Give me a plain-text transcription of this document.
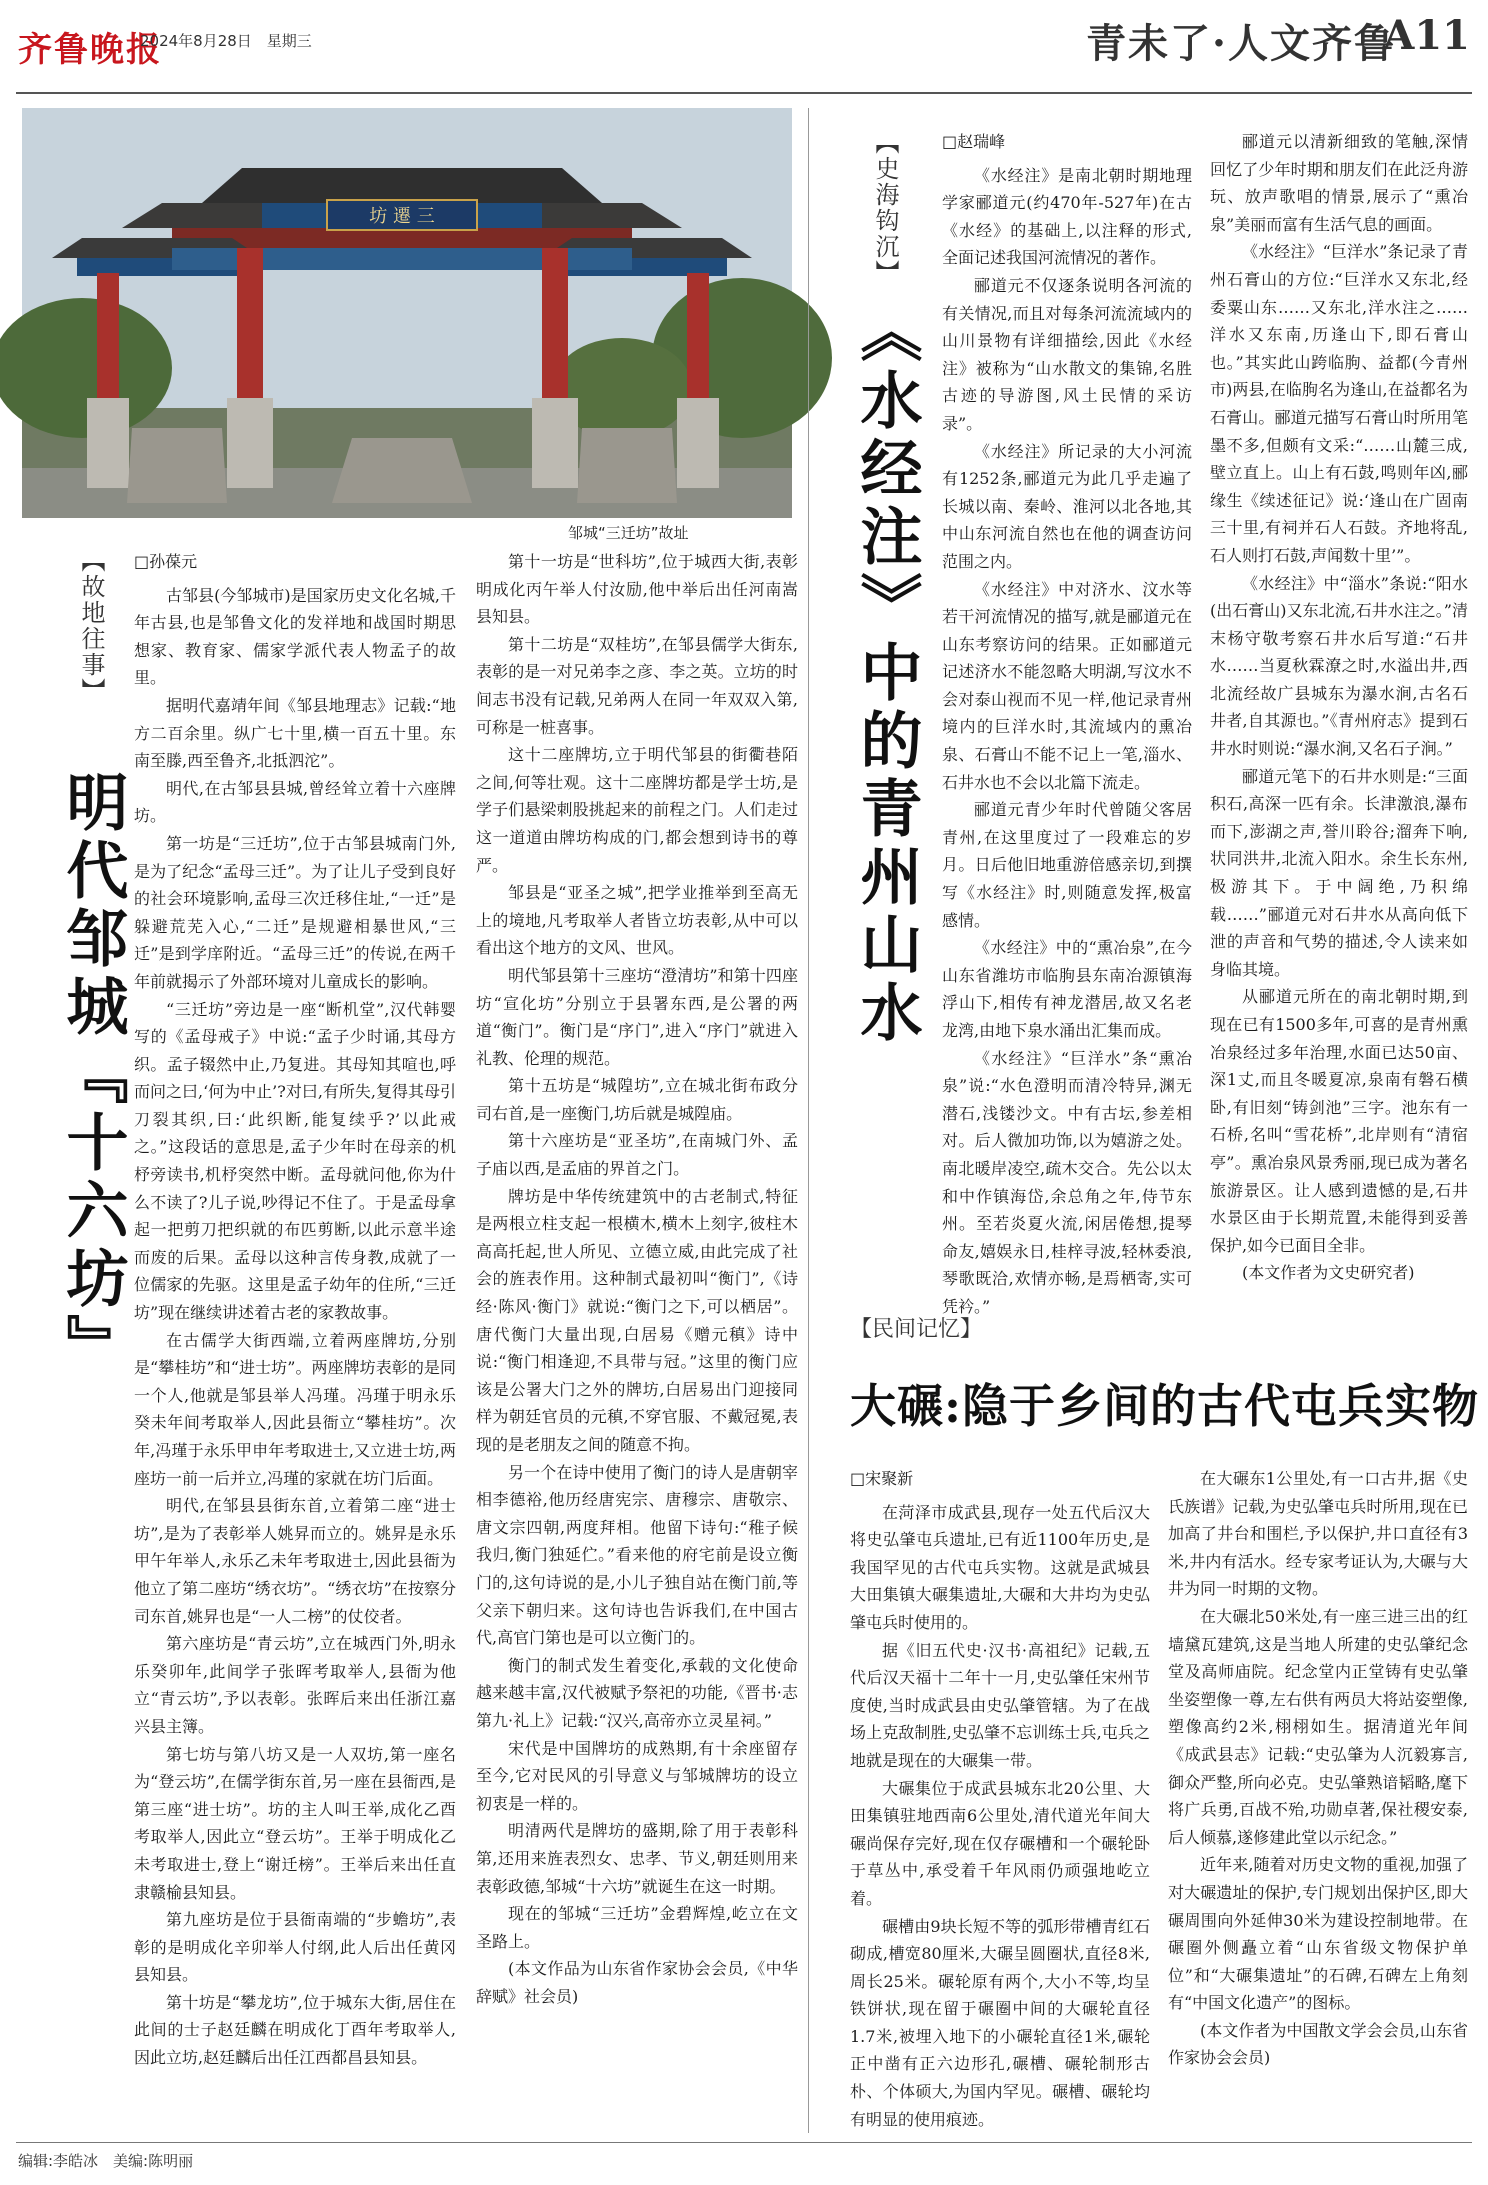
齐鲁晚报
2024年8月28日　星期三	青未了·人文齐鲁
A11
坊 遷 三
邹城“三迁坊”故址
【故地往事】
明代邹城『十六坊』

□孙葆元

古邹县(今邹城市)是国家历史文化名城,千年古县,也是邹鲁文化的发祥地和战国时期思想家、教育家、儒家学派代表人物孟子的故里。

据明代嘉靖年间《邹县地理志》记载:“地方二百余里。纵广七十里,横一百五十里。东南至滕,西至鲁齐,北抵泗沱”。

明代,在古邹县县城,曾经耸立着十六座牌坊。

第一坊是“三迁坊”,位于古邹县城南门外,是为了纪念“孟母三迁”。为了让儿子受到良好的社会环境影响,孟母三次迁移住址,“一迁”是躲避荒芜入心,“二迁”是规避相暴世风,“三迁”是到学庠附近。“孟母三迁”的传说,在两千年前就揭示了外部环境对儿童成长的影响。

“三迁坊”旁边是一座“断机堂”,汉代韩婴写的《孟母戒子》中说:“孟子少时诵,其母方织。孟子辍然中止,乃复进。其母知其喧也,呼而问之曰,‘何为中止’?对曰,有所失,复得其母引刀裂其织,曰:‘此织断,能复续乎?’以此戒之。”这段话的意思是,孟子少年时在母亲的机杼旁读书,机杼突然中断。孟母就问他,你为什么不读了?儿子说,吵得记不住了。于是孟母拿起一把剪刀把织就的布匹剪断,以此示意半途而废的后果。孟母以这种言传身教,成就了一位儒家的先驱。这里是孟子幼年的住所,“三迁坊”现在继续讲述着古老的家教故事。

在古儒学大街西端,立着两座牌坊,分别是“攀桂坊”和“进士坊”。两座牌坊表彰的是同一个人,他就是邹县举人冯瑾。冯瑾于明永乐癸未年间考取举人,因此县衙立“攀桂坊”。次年,冯瑾于永乐甲申年考取进士,又立进士坊,两座坊一前一后并立,冯瑾的家就在坊门后面。

明代,在邹县县街东首,立着第二座“进士坊”,是为了表彰举人姚昇而立的。姚昇是永乐甲午年举人,永乐乙未年考取进士,因此县衙为他立了第二座坊“绣衣坊”。“绣衣坊”在按察分司东首,姚昇也是“一人二榜”的仗佼者。

第六座坊是“青云坊”,立在城西门外,明永乐癸卯年,此间学子张晖考取举人,县衙为他立“青云坊”,予以表彰。张晖后来出任浙江嘉兴县主簿。

第七坊与第八坊又是一人双坊,第一座名为“登云坊”,在儒学街东首,另一座在县衙西,是第三座“进士坊”。坊的主人叫王举,成化乙酉考取举人,因此立“登云坊”。王举于明成化乙未考取进士,登上“谢迁榜”。王举后来出任直隶赣榆县知县。

第九座坊是位于县衙南端的“步蟾坊”,表彰的是明成化辛卯举人付纲,此人后出任黄冈县知县。

第十坊是“攀龙坊”,位于城东大街,居住在此间的士子赵廷麟在明成化丁酉年考取举人,因此立坊,赵廷麟后出任江西都昌县知县。

第十一坊是“世科坊”,位于城西大街,表彰明成化丙午举人付汝励,他中举后出任河南嵩县知县。

第十二坊是“双桂坊”,在邹县儒学大街东,表彰的是一对兄弟李之彦、李之英。立坊的时间志书没有记载,兄弟两人在同一年双双入第,可称是一桩喜事。

这十二座牌坊,立于明代邹县的街衢巷陌之间,何等壮观。这十二座牌坊都是学士坊,是学子们悬梁刺股挑起来的前程之门。人们走过这一道道由牌坊构成的门,都会想到诗书的尊严。

邹县是“亚圣之城”,把学业推举到至高无上的境地,凡考取举人者皆立坊表彰,从中可以看出这个地方的文风、世风。

明代邹县第十三座坊“澄清坊”和第十四座坊“宣化坊”分别立于县署东西,是公署的两道“衡门”。衡门是“序门”,进入“序门”就进入礼教、伦理的规范。

第十五坊是“城隍坊”,立在城北街布政分司右首,是一座衡门,坊后就是城隍庙。

第十六座坊是“亚圣坊”,在南城门外、孟子庙以西,是孟庙的界首之门。

牌坊是中华传统建筑中的古老制式,特征是两根立柱支起一根横木,横木上刻字,彼柱木高高托起,世人所见、立德立威,由此完成了社会的旌表作用。这种制式最初叫“衡门”,《诗经·陈风·衡门》就说:“衡门之下,可以栖居”。唐代衡门大量出现,白居易《赠元稹》诗中说:“衡门相逢迎,不具带与冠。”这里的衡门应该是公署大门之外的牌坊,白居易出门迎接同样为朝廷官员的元稹,不穿官服、不戴冠冕,表现的是老朋友之间的随意不拘。

另一个在诗中使用了衡门的诗人是唐朝宰相李德裕,他历经唐宪宗、唐穆宗、唐敬宗、唐文宗四朝,两度拜相。他留下诗句:“稚子候我归,衡门独延伫。”看来他的府宅前是设立衡门的,这句诗说的是,小儿子独自站在衡门前,等父亲下朝归来。这句诗也告诉我们,在中国古代,高官门第也是可以立衡门的。

衡门的制式发生着变化,承载的文化使命越来越丰富,汉代被赋予祭祀的功能,《晋书·志第九·礼上》记载:“汉兴,高帝亦立灵星祠。”

宋代是中国牌坊的成熟期,有十余座留存至今,它对民风的引导意义与邹城牌坊的设立初衷是一样的。

明清两代是牌坊的盛期,除了用于表彰科第,还用来旌表烈女、忠孝、节义,朝廷则用来表彰政德,邹城“十六坊”就诞生在这一时期。

现在的邹城“三迁坊”金碧辉煌,屹立在文圣路上。

(本文作品为山东省作家协会会员,《中华辞赋》社会员)

【史海钩沉】
《水经注》中的青州山水

□赵瑞峰

《水经注》是南北朝时期地理学家郦道元(约470年-527年)在古《水经》的基础上,以注释的形式,全面记述我国河流情况的著作。

郦道元不仅逐条说明各河流的有关情况,而且对每条河流流域内的山川景物有详细描绘,因此《水经注》被称为“山水散文的集锦,名胜古迹的导游图,风土民情的采访录”。

《水经注》所记录的大小河流有1252条,郦道元为此几乎走遍了长城以南、秦岭、淮河以北各地,其中山东河流自然也在他的调查访问范围之内。

《水经注》中对济水、汶水等若干河流情况的描写,就是郦道元在山东考察访问的结果。正如郦道元记述济水不能忽略大明湖,写汶水不会对泰山视而不见一样,他记录青州境内的巨洋水时,其流域内的熏冶泉、石膏山不能不记上一笔,淄水、石井水也不会以北篇下流走。

郦道元青少年时代曾随父客居青州,在这里度过了一段难忘的岁月。日后他旧地重游倍感亲切,到撰写《水经注》时,则随意发挥,极富感情。

《水经注》中的“熏冶泉”,在今山东省潍坊市临朐县东南冶源镇海浮山下,相传有神龙潜居,故又名老龙湾,由地下泉水涌出汇集而成。

《水经注》“巨洋水”条“熏冶泉”说:“水色澄明而清冷特异,渊无潜石,浅镂沙文。中有古坛,参差相对。后人微加功饰,以为嬉游之处。南北暖岸凌空,疏木交合。先公以太和中作镇海岱,余总角之年,侍节东州。至若炎夏火流,闲居倦想,提琴命友,嬉娱永日,桂梓寻波,轻林委浪,琴歌既洽,欢情亦畅,是焉栖寄,实可凭衿。”

郦道元以清新细致的笔触,深情回忆了少年时期和朋友们在此泛舟游玩、放声歌唱的情景,展示了“熏冶泉”美丽而富有生活气息的画面。

《水经注》“巨洋水”条记录了青州石膏山的方位:“巨洋水又东北,经委粟山东……又东北,洋水注之……洋水又东南,历逢山下,即石膏山也。”其实此山跨临朐、益都(今青州市)两县,在临朐名为逢山,在益都名为石膏山。郦道元描写石膏山时所用笔墨不多,但颇有文采:“……山麓三成,壁立直上。山上有石鼓,鸣则年凶,郦缘生《续述征记》说:‘逢山在广固南三十里,有祠并石人石鼓。齐地将乱,石人则打石鼓,声闻数十里’”。

《水经注》中“淄水”条说:“阳水(出石膏山)又东北流,石井水注之。”清末杨守敬考察石井水后写道:“石井水……当夏秋霖潦之时,水溢出井,西北流经故广县城东为瀑水涧,古名石井者,自其源也。”《青州府志》提到石井水时则说:“瀑水涧,又名石子涧。”

郦道元笔下的石井水则是:“三面积石,高深一匹有余。长津激浪,瀑布而下,澎湖之声,誉川聆谷;溜奔下响,状同洪井,北流入阳水。余生长东州,极游其下。于中阔绝,乃积绵载……”郦道元对石井水从高向低下泄的声音和气势的描述,令人读来如身临其境。

从郦道元所在的南北朝时期,到现在已有1500多年,可喜的是青州熏冶泉经过多年治理,水面已达50亩、深1丈,而且冬暖夏凉,泉南有磐石横卧,有旧刻“铸剑池”三字。池东有一石桥,名叫“雪花桥”,北岸则有“清宿亭”。熏冶泉风景秀丽,现已成为著名旅游景区。让人感到遗憾的是,石井水景区由于长期荒置,未能得到妥善保护,如今已面目全非。

(本文作者为文史研究者)

【民间记忆】
大碾:隐于乡间的古代屯兵实物

□宋聚新

在菏泽市成武县,现存一处五代后汉大将史弘肇屯兵遗址,已有近1100年历史,是我国罕见的古代屯兵实物。这就是武城县大田集镇大碾集遗址,大碾和大井均为史弘肇屯兵时使用的。

据《旧五代史·汉书·高祖纪》记载,五代后汉天福十二年十一月,史弘肇任宋州节度使,当时成武县由史弘肇管辖。为了在战场上克敌制胜,史弘肇不忘训练士兵,屯兵之地就是现在的大碾集一带。

大碾集位于成武县城东北20公里、大田集镇驻地西南6公里处,清代道光年间大碾尚保存完好,现在仅存碾槽和一个碾轮卧于草丛中,承受着千年风雨仍顽强地屹立着。

碾槽由9块长短不等的弧形带槽青红石砌成,槽宽80厘米,大碾呈圆圈状,直径8米,周长25米。碾轮原有两个,大小不等,均呈铁饼状,现在留于碾圈中间的大碾轮直径1.7米,被埋入地下的小碾轮直径1米,碾轮正中凿有正六边形孔,碾槽、碾轮制形古朴、个体硕大,为国内罕见。碾槽、碾轮均有明显的使用痕迹。

在大碾东1公里处,有一口古井,据《史氏族谱》记载,为史弘肇屯兵时所用,现在已加高了井台和围栏,予以保护,井口直径有3米,井内有活水。经专家考证认为,大碾与大井为同一时期的文物。

在大碾北50米处,有一座三进三出的红墙黛瓦建筑,这是当地人所建的史弘肇纪念堂及高师庙院。纪念堂内正堂铸有史弘肇坐姿塑像一尊,左右供有两员大将站姿塑像,塑像高约2米,栩栩如生。据清道光年间《成武县志》记载:“史弘肇为人沉毅寡言,御众严整,所向必克。史弘肇熟谙韬略,麾下将广兵勇,百战不殆,功勋卓著,保社稷安泰,后人倾慕,遂修建此堂以示纪念。”

近年来,随着对历史文物的重视,加强了对大碾遗址的保护,专门规划出保护区,即大碾周围向外延伸30米为建设控制地带。在碾圈外侧矗立着“山东省级文物保护单位”和“大碾集遗址”的石碑,石碑左上角刻有“中国文化遗产”的图标。

(本文作者为中国散文学会会员,山东省作家协会会员)

编辑:李皓冰　美编:陈明丽
